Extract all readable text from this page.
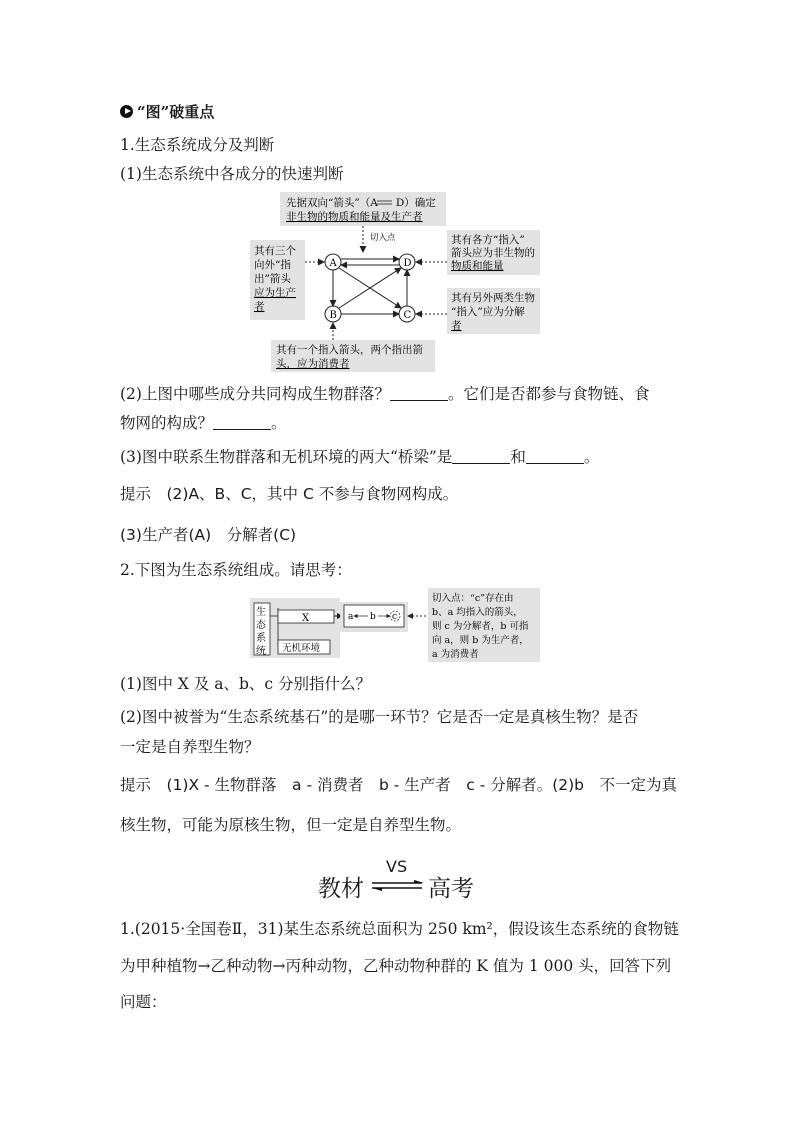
“图”破重点
1.生态系统成分及判断
(1)生态系统中各成分的快速判断
先据双向“箭头”（A D）确定
非生物的物质和能量及生产者
切入点
其有三个
向外“指
出”箭头
应为生产
者
其有各方“指入”
箭头应为非生物的
物质和能量
其有另外两类生物
“指入”应为分解
者
其有一个指入箭头，两个指出箭
头，应为消费者
A	D
B	C
(2)上图中哪些成分共同构成生物群落？	。它们是否都参与食物链、食
物网的构成？	。
(3)图中联系生物群落和无机环境的两大“桥梁”是	和	。
提示　(2)A、B、C，其中 C 不参与食物网构成。
(3)生产者(A)　分解者(C)
2.下图为生态系统组成。请思考：
生
态
系
统
X
无机环境
a b c
切入点：“c”存在由
b、a 均指入的箭头，
则 c 为分解者，b 可指
向 a，则 b 为生产者，
a 为消费者
(1)图中 X 及 a、b、c 分别指什么？
(2)图中被誉为“生态系统基石”的是哪一环节？它是否一定是真核生物？是否
一定是自养型生物？
提示　(1)X - 生物群落　a - 消费者　b - 生产者　c - 分解者。(2)b　不一定为真
核生物，可能为原核生物，但一定是自养型生物。
教材
VS
高考
1.(2015·全国卷Ⅱ，31)某生态系统总面积为 250 km²，假设该生态系统的食物链
为甲种植物→乙种动物→丙种动物，乙种动物种群的 K 值为 1 000 头，回答下列
问题：
